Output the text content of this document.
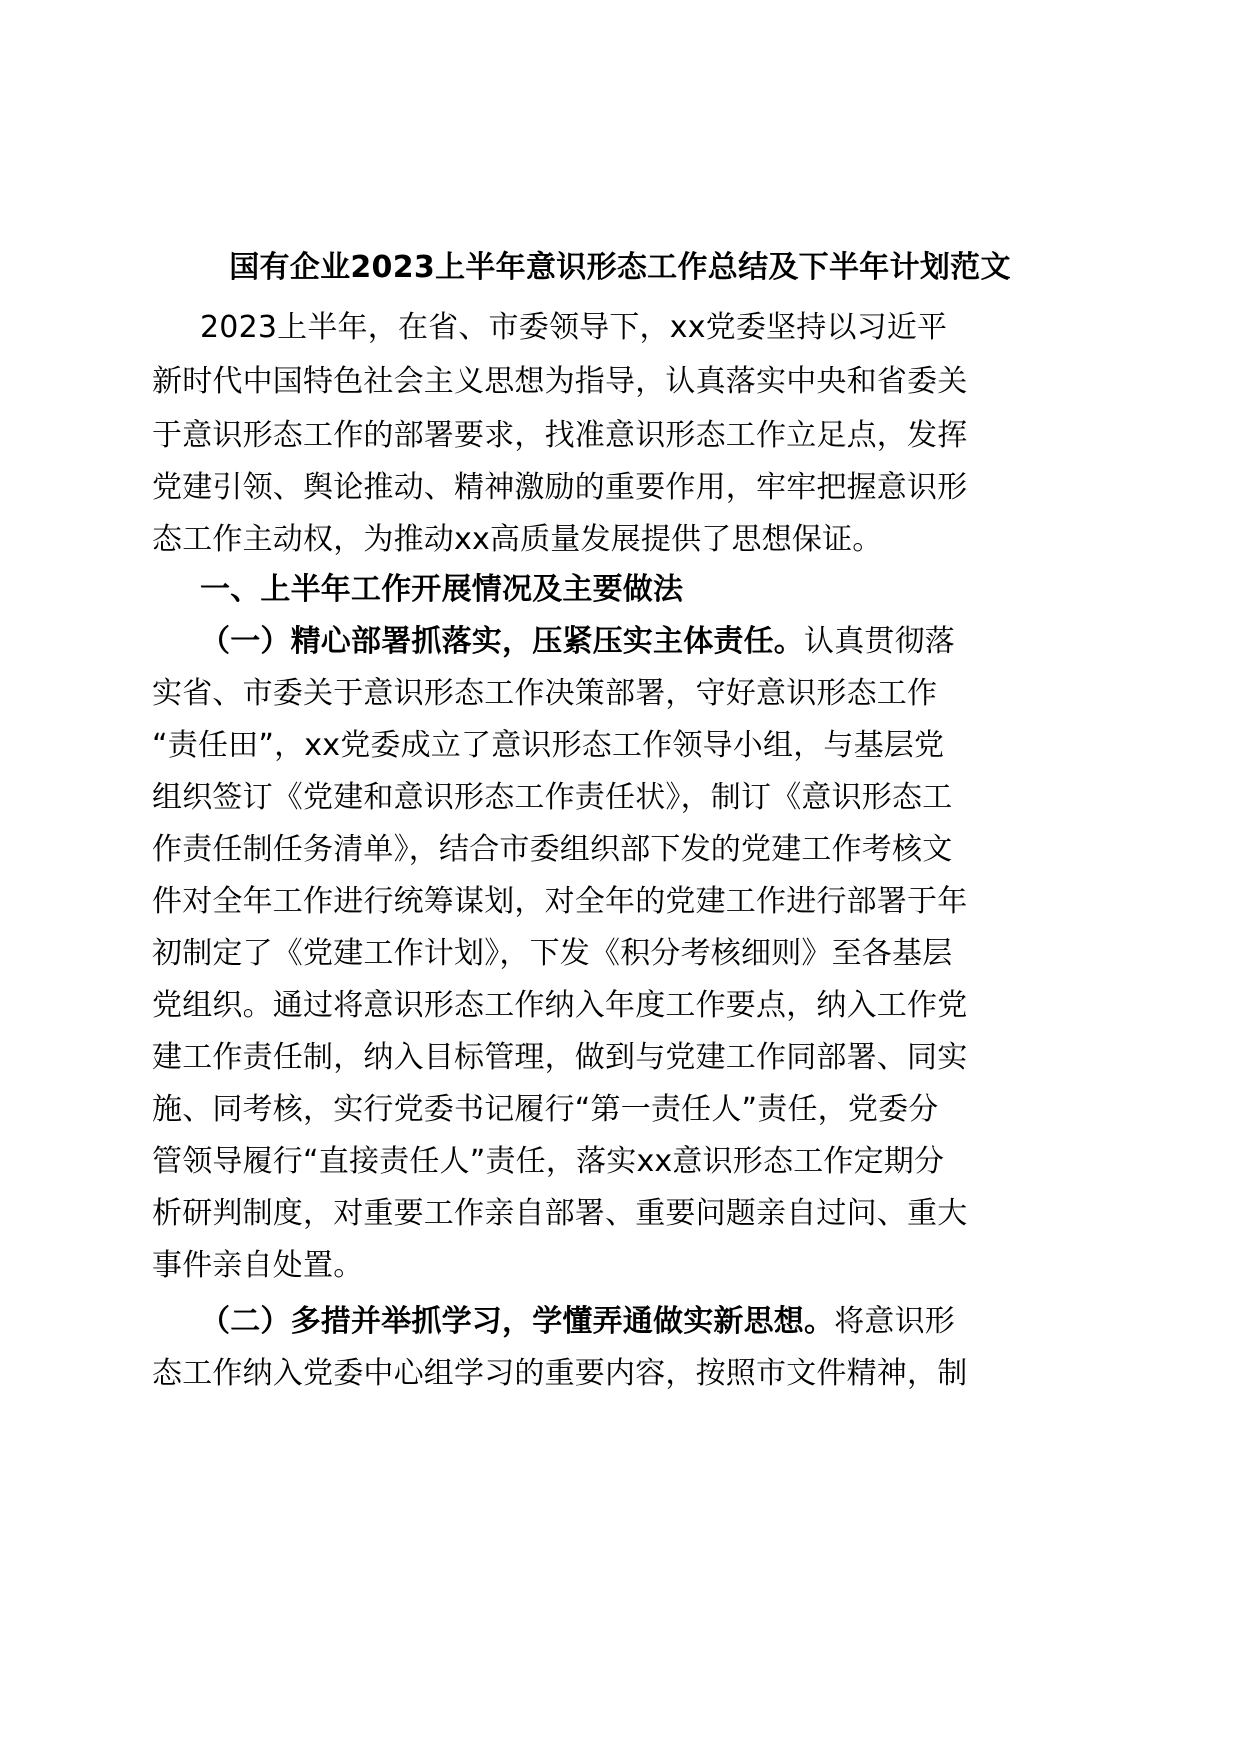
国有企业2023上半年意识形态工作总结及下半年计划范文
2023上半年，在省、市委领导下，xx党委坚持以习近平
新时代中国特色社会主义思想为指导，认真落实中央和省委关
于意识形态工作的部署要求，找准意识形态工作立足点，发挥
党建引领、舆论推动、精神激励的重要作用，牢牢把握意识形
态工作主动权，为推动xx高质量发展提供了思想保证。
一、上半年工作开展情况及主要做法
（一）精心部署抓落实，压紧压实主体责任。认真贯彻落
实省、市委关于意识形态工作决策部署，守好意识形态工作
“责任田”，xx党委成立了意识形态工作领导小组，与基层党
组织签订《党建和意识形态工作责任状》，制订《意识形态工
作责任制任务清单》，结合市委组织部下发的党建工作考核文
件对全年工作进行统筹谋划，对全年的党建工作进行部署于年
初制定了《党建工作计划》，下发《积分考核细则》至各基层
党组织。通过将意识形态工作纳入年度工作要点，纳入工作党
建工作责任制，纳入目标管理，做到与党建工作同部署、同实
施、同考核，实行党委书记履行“第一责任人”责任，党委分
管领导履行“直接责任人”责任，落实xx意识形态工作定期分
析研判制度，对重要工作亲自部署、重要问题亲自过问、重大
事件亲自处置。
（二）多措并举抓学习，学懂弄通做实新思想。将意识形
态工作纳入党委中心组学习的重要内容，按照市文件精神，制
